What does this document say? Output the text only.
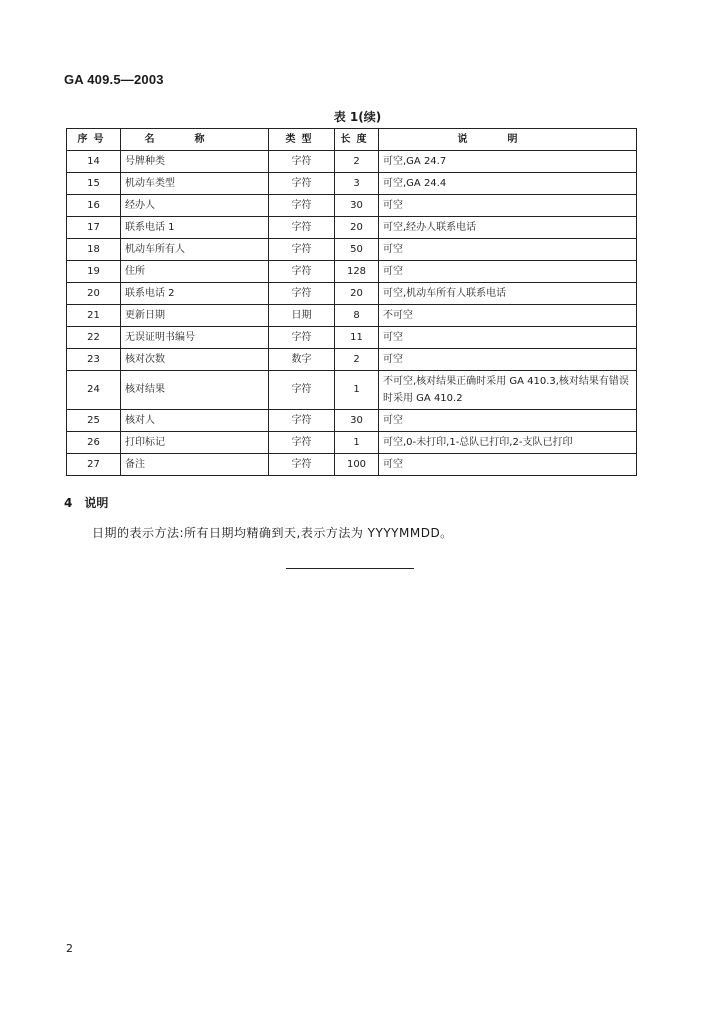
GA 409.5—2003
表 1(续)
序号	名称	类型	长度	说明
14	号牌种类	字符	2	可空,GA 24.7
15	机动车类型	字符	3	可空,GA 24.4
16	经办人	字符	30	可空
17	联系电话 1	字符	20	可空,经办人联系电话
18	机动车所有人	字符	50	可空
19	住所	字符	128	可空
20	联系电话 2	字符	20	可空,机动车所有人联系电话
21	更新日期	日期	8	不可空
22	无误证明书编号	字符	11	可空
23	核对次数	数字	2	可空
24	核对结果	字符	1	不可空,核对结果正确时采用 GA 410.3,核对结果有错误时采用 GA 410.2
25	核对人	字符	30	可空
26	打印标记	字符	1	可空,0-未打印,1-总队已打印,2-支队已打印
27	备注	字符	100	可空
4 说明
日期的表示方法:所有日期均精确到天,表示方法为 YYYYMMDD。
2
